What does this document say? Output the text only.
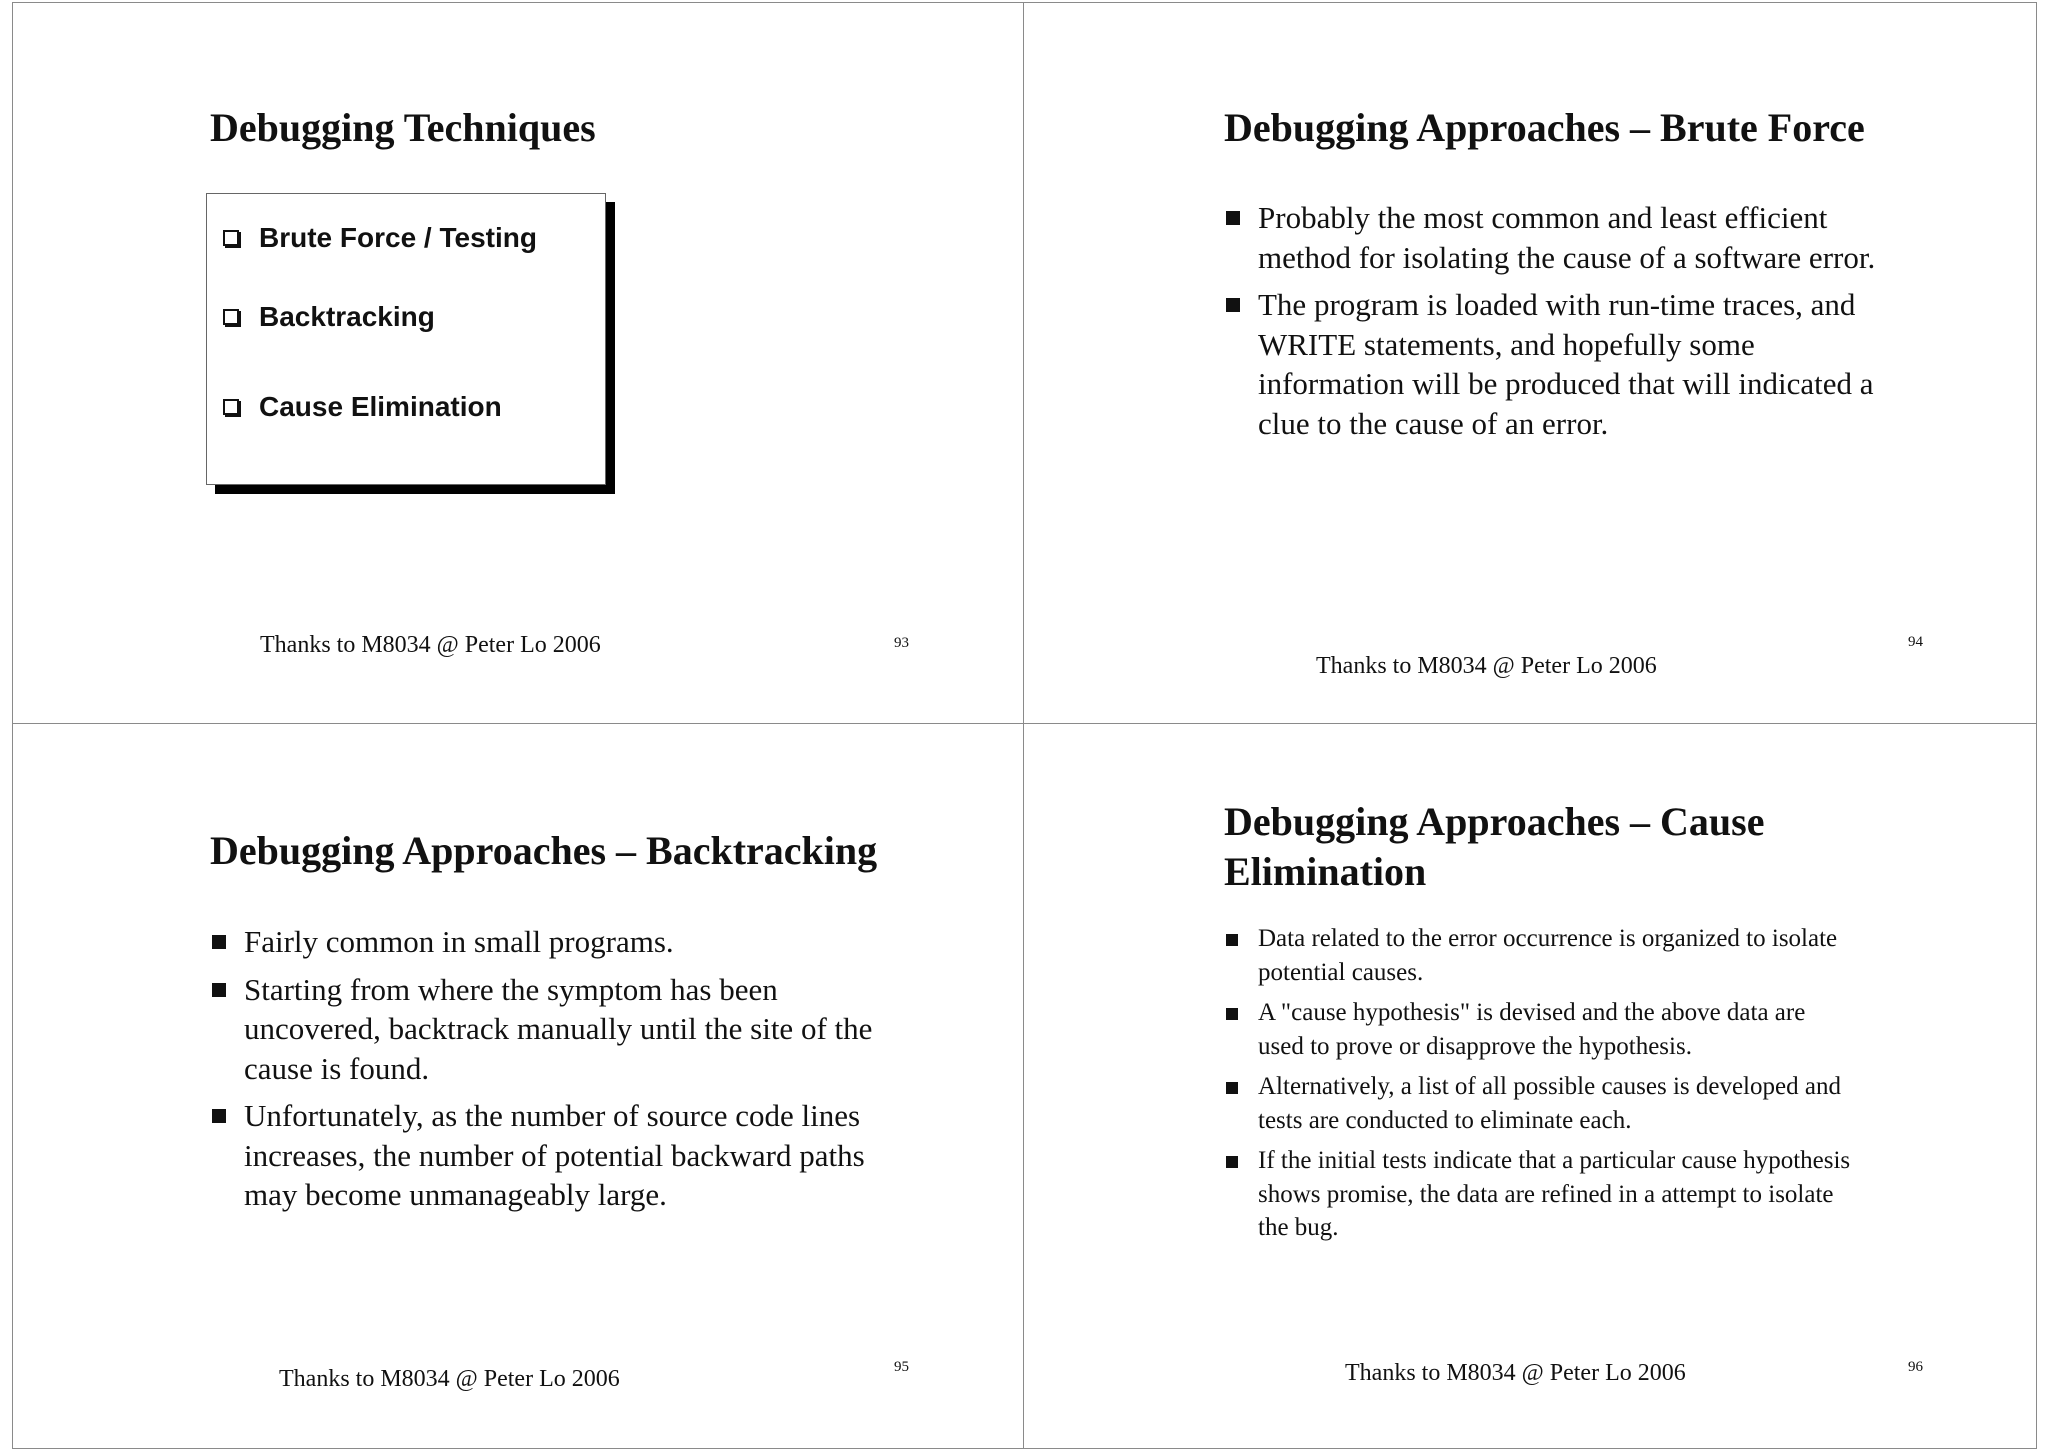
Debugging Techniques
Brute Force / Testing
Backtracking
Cause Elimination
Thanks to M8034 @ Peter Lo 2006	93
Debugging Approaches – Brute Force
Probably the most common and least efficient
method for isolating the cause of a software error.
The program is loaded with run-time traces, and
WRITE statements, and hopefully some
information will be produced that will indicated a
clue to the cause of an error.
Thanks to M8034 @ Peter Lo 2006
94
Debugging Approaches – Backtracking
Fairly common in small programs.
Starting from where the symptom has been
uncovered, backtrack manually until the site of the
cause is found.
Unfortunately, as the number of source code lines
increases, the number of potential backward paths
may become unmanageably large.
Thanks to M8034 @ Peter Lo 2006	95
Debugging Approaches – Cause
Elimination
Data related to the error occurrence is organized to isolate
potential causes.
A "cause hypothesis" is devised and the above data are
used to prove or disapprove the hypothesis.
Alternatively, a list of all possible causes is developed and
tests are conducted to eliminate each.
If the initial tests indicate that a particular cause hypothesis
shows promise, the data are refined in a attempt to isolate
the bug.
Thanks to M8034 @ Peter Lo 2006	96
